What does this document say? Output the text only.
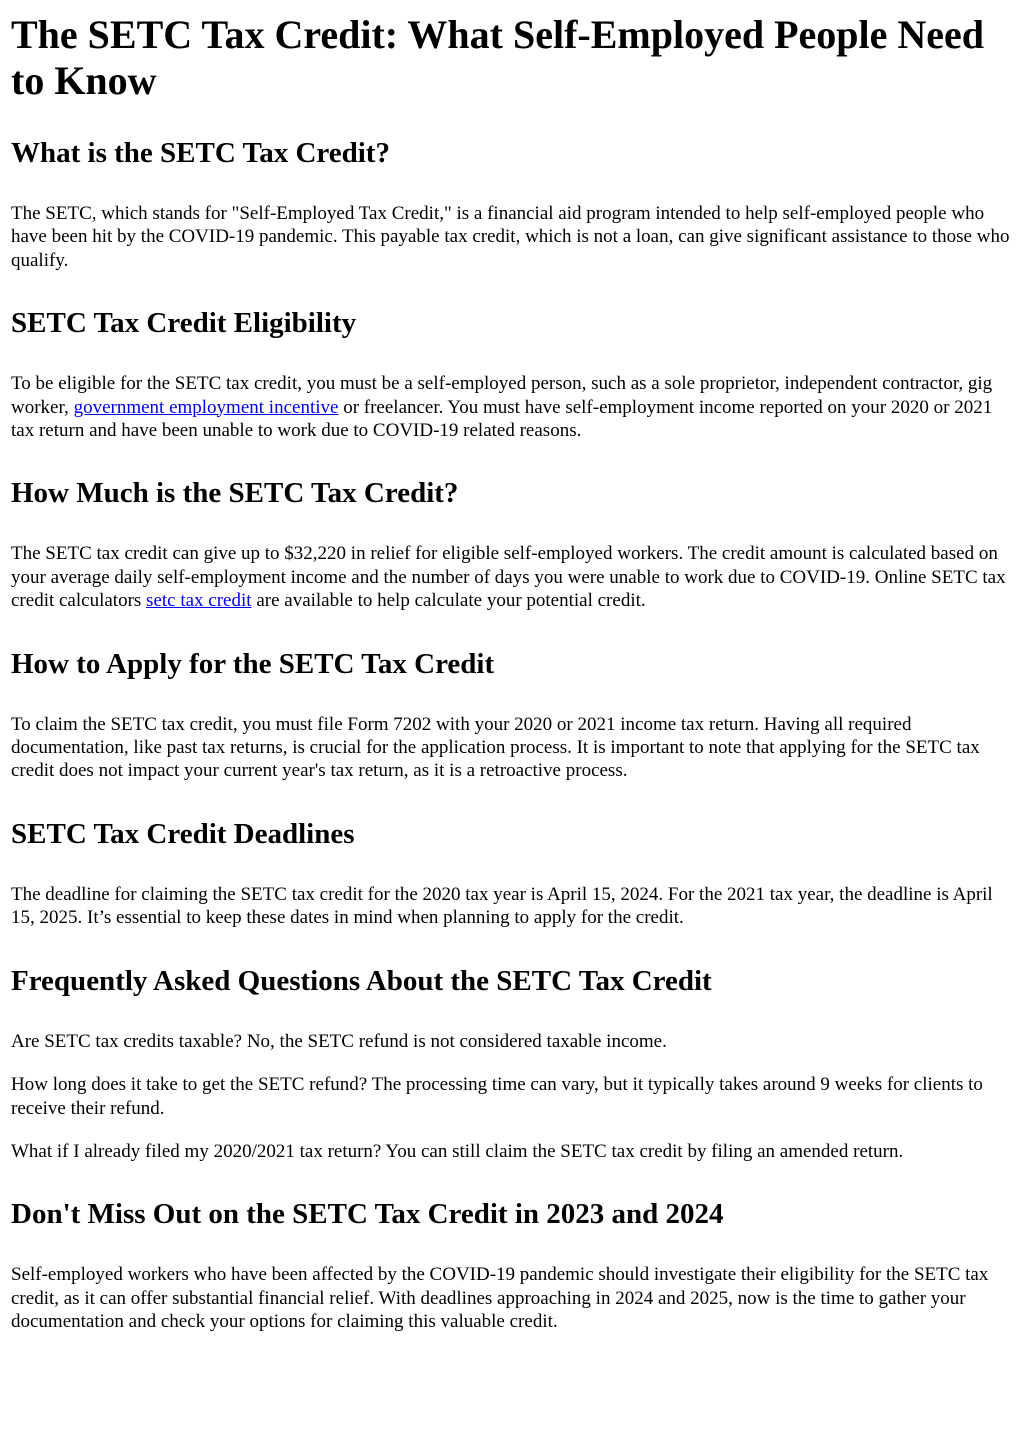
The SETC Tax Credit: What Self-Employed People Need to Know
What is the SETC Tax Credit?

The SETC, which stands for "Self-Employed Tax Credit," is a financial aid program intended to help self-employed people who have been hit by the COVID-19 pandemic. This payable tax credit, which is not a loan, can give significant assistance to those who qualify.

SETC Tax Credit Eligibility

To be eligible for the SETC tax credit, you must be a self-employed person, such as a sole proprietor, independent contractor, gig worker, government employment incentive or freelancer. You must have self-employment income reported on your 2020 or 2021 tax return and have been unable to work due to COVID-19 related reasons.

How Much is the SETC Tax Credit?

The SETC tax credit can give up to $32,220 in relief for eligible self-employed workers. The credit amount is calculated based on your average daily self-employment income and the number of days you were unable to work due to COVID-19. Online SETC tax credit calculators setc tax credit are available to help calculate your potential credit.

How to Apply for the SETC Tax Credit

To claim the SETC tax credit, you must file Form 7202 with your 2020 or 2021 income tax return. Having all required documentation, like past tax returns, is crucial for the application process. It is important to note that applying for the SETC tax credit does not impact your current year's tax return, as it is a retroactive process.

SETC Tax Credit Deadlines

The deadline for claiming the SETC tax credit for the 2020 tax year is April 15, 2024. For the 2021 tax year, the deadline is April 15, 2025. It’s essential to keep these dates in mind when planning to apply for the credit.

Frequently Asked Questions About the SETC Tax Credit

Are SETC tax credits taxable? No, the SETC refund is not considered taxable income.

How long does it take to get the SETC refund? The processing time can vary, but it typically takes around 9 weeks for clients to receive their refund.

What if I already filed my 2020/2021 tax return? You can still claim the SETC tax credit by filing an amended return.

Don't Miss Out on the SETC Tax Credit in 2023 and 2024

Self-employed workers who have been affected by the COVID-19 pandemic should investigate their eligibility for the SETC tax credit, as it can offer substantial financial relief. With deadlines approaching in 2024 and 2025, now is the time to gather your documentation and check your options for claiming this valuable credit.
